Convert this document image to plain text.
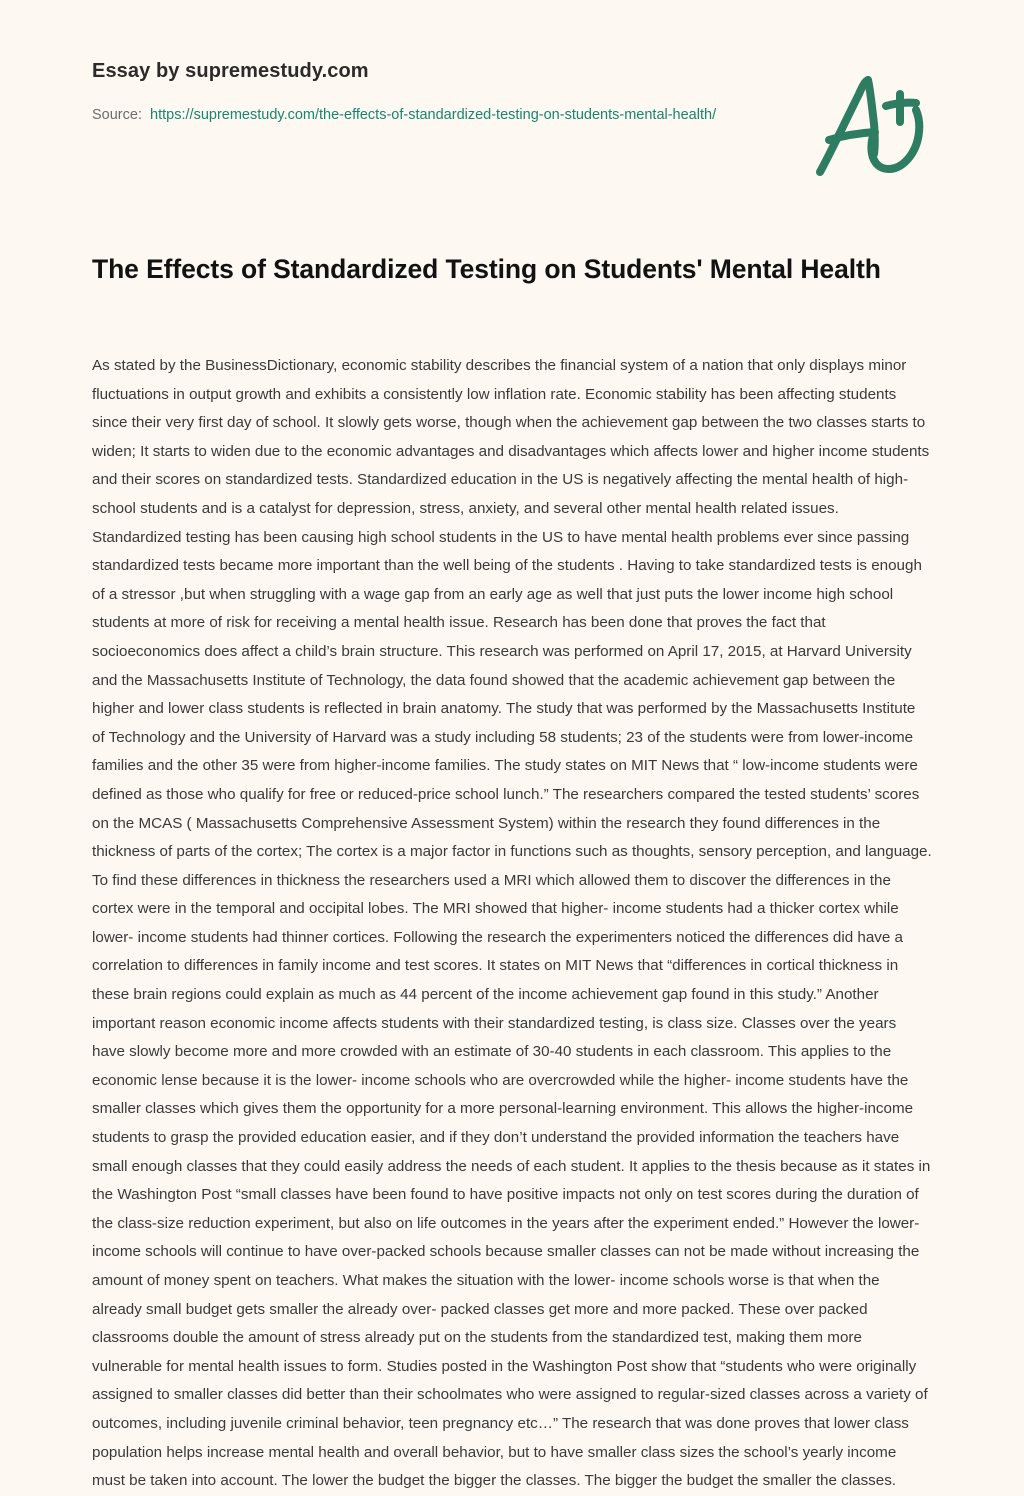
Essay by supremestudy.com
Source: https://supremestudy.com/the-effects-of-standardized-testing-on-students-mental-health/
The Effects of Standardized Testing on Students' Mental Health

As stated by the BusinessDictionary, economic stability describes the financial system of a nation that only displays minor fluctuations in output growth and exhibits a consistently low inflation rate. Economic stability has been affecting students since their very first day of school. It slowly gets worse, though when the achievement gap between the two classes starts to widen; It starts to widen due to the economic advantages and disadvantages which affects lower and higher income students and their scores on standardized tests. Standardized education in the US is negatively affecting the mental health of high-school students and is a catalyst for depression, stress, anxiety, and several other mental health related issues. Standardized testing has been causing high school students in the US to have mental health problems ever since passing standardized tests became more important than the well being of the students . Having to take standardized tests is enough of a stressor ,but when struggling with a wage gap from an early age as well that just puts the lower income high school students at more of risk for receiving a mental health issue. Research has been done that proves the fact that socioeconomics does affect a child’s brain structure. This research was performed on April 17, 2015, at Harvard University and the Massachusetts Institute of Technology, the data found showed that the academic achievement gap between the higher and lower class students is reflected in brain anatomy. The study that was performed by the Massachusetts Institute of Technology and the University of Harvard was a study including 58 students; 23 of the students were from lower-income families and the other 35 were from higher-income families. The study states on MIT News that “ low-income students were defined as those who qualify for free or reduced-price school lunch.” The researchers compared the tested students’ scores on the MCAS ( Massachusetts Comprehensive Assessment System) within the research they found differences in the thickness of parts of the cortex; The cortex is a major factor in functions such as thoughts, sensory perception, and language. To find these differences in thickness the researchers used a MRI which allowed them to discover the differences in the cortex were in the temporal and occipital lobes. The MRI showed that higher- income students had a thicker cortex while lower- income students had thinner cortices. Following the research the experimenters noticed the differences did have a correlation to differences in family income and test scores. It states on MIT News that “differences in cortical thickness in these brain regions could explain as much as 44 percent of the income achievement gap found in this study.” Another important reason economic income affects students with their standardized testing, is class size. Classes over the years have slowly become more and more crowded with an estimate of 30-40 students in each classroom. This applies to the economic lense because it is the lower- income schools who are overcrowded while the higher- income students have the smaller classes which gives them the opportunity for a more personal-learning environment. This allows the higher-income students to grasp the provided education easier, and if they don’t understand the provided information the teachers have small enough classes that they could easily address the needs of each student. It applies to the thesis because as it states in the Washington Post “small classes have been found to have positive impacts not only on test scores during the duration of the class-size reduction experiment, but also on life outcomes in the years after the experiment ended.” However the lower-income schools will continue to have over-packed schools because smaller classes can not be made without increasing the amount of money spent on teachers. What makes the situation with the lower- income schools worse is that when the already small budget gets smaller the already over- packed classes get more and more packed. These over packed classrooms double the amount of stress already put on the students from the standardized test, making them more vulnerable for mental health issues to form. Studies posted in the Washington Post show that “students who were originally assigned to smaller classes did better than their schoolmates who were assigned to regular-sized classes across a variety of outcomes, including juvenile criminal behavior, teen pregnancy etc…” The research that was done proves that lower class population helps increase mental health and overall behavior, but to have smaller class sizes the school’s yearly income must be taken into account. The lower the budget the bigger the classes. The bigger the budget the smaller the classes.
